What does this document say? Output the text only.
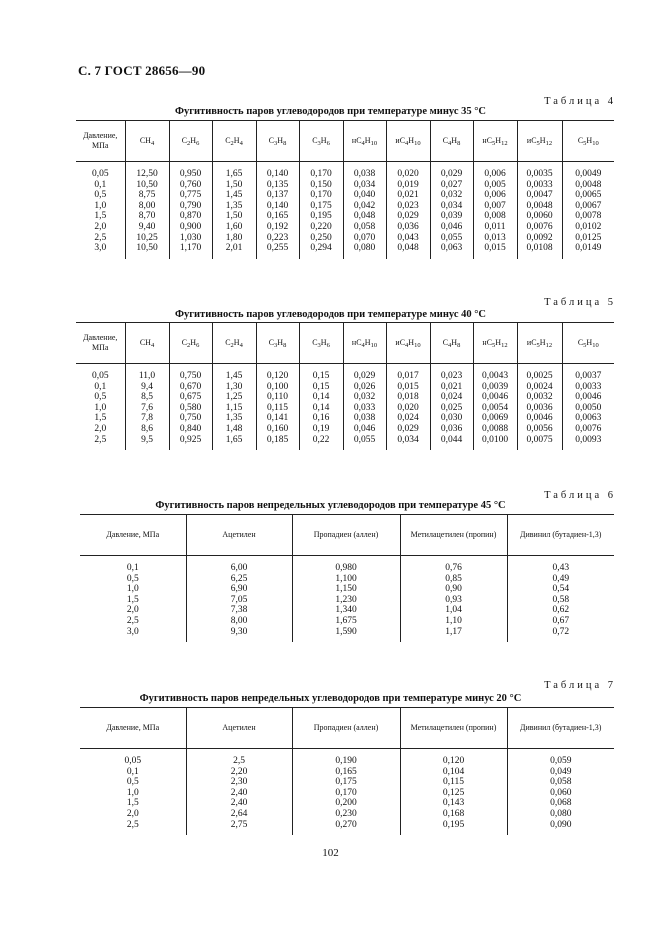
С. 7 ГОСТ 28656—90
Таблица 4
Фугитивность паров углеводородов при температуре минус 35 °C
Давление, МПа	$CH_4$	$C_2H_6$	$C_2H_4$	$C_3H_8$	$C_3H_6$	$нC_4H_{10}$	$иC_4H_{10}$	$C_4H_8$	$нC_5H_{12}$	$иC_5H_{12}$	$C_5H_{10}$

0,05	12,50	0,950	1,65	0,140	0,170	0,038	0,020	0,029	0,006	0,0035	0,0049
0,1	10,50	0,760	1,50	0,135	0,150	0,034	0,019	0,027	0,005	0,0033	0,0048
0,5	8,75	0,775	1,45	0,137	0,170	0,040	0,021	0,032	0,006	0,0047	0,0065
1,0	8,00	0,790	1,35	0,140	0,175	0,042	0,023	0,034	0,007	0,0048	0,0067
1,5	8,70	0,870	1,50	0,165	0,195	0,048	0,029	0,039	0,008	0,0060	0,0078
2,0	9,40	0,900	1,60	0,192	0,220	0,058	0,036	0,046	0,011	0,0076	0,0102
2,5	10,25	1,030	1,80	0,223	0,250	0,070	0,043	0,055	0,013	0,0092	0,0125
3,0	10,50	1,170	2,01	0,255	0,294	0,080	0,048	0,063	0,015	0,0108	0,0149
Таблица 5
Фугитивность паров углеводородов при температуре минус 40 °C
Давление, МПа	$CH_4$	$C_2H_6$	$C_2H_4$	$C_3H_8$	$C_3H_6$	$нC_4H_{10}$	$иC_4H_{10}$	$C_4H_8$	$нC_5H_{12}$	$иC_5H_{12}$	$C_5H_{10}$

0,05	11,0	0,750	1,45	0,120	0,15	0,029	0,017	0,023	0,0043	0,0025	0,0037
0,1	9,4	0,670	1,30	0,100	0,15	0,026	0,015	0,021	0,0039	0,0024	0,0033
0,5	8,5	0,675	1,25	0,110	0,14	0,032	0,018	0,024	0,0046	0,0032	0,0046
1,0	7,6	0,580	1,15	0,115	0,14	0,033	0,020	0,025	0,0054	0,0036	0,0050
1,5	7,8	0,750	1,35	0,141	0,16	0,038	0,024	0,030	0,0069	0,0046	0,0063
2,0	8,6	0,840	1,48	0,160	0,19	0,046	0,029	0,036	0,0088	0,0056	0,0076
2,5	9,5	0,925	1,65	0,185	0,22	0,055	0,034	0,044	0,0100	0,0075	0,0093
Таблица 6
Фугитивность паров непредельных углеводородов при температуре 45 °C
Давление, МПа	Ацетилен	Пропадиен (аллен)	Метилацетилен (пропин)	Дивинил (бутадиен-1,3)

0,1	6,00	0,980	0,76	0,43
0,5	6,25	1,100	0,85	0,49
1,0	6,90	1,150	0,90	0,54
1,5	7,05	1,230	0,93	0,58
2,0	7,38	1,340	1,04	0,62
2,5	8,00	1,675	1,10	0,67
3,0	9,30	1,590	1,17	0,72
Таблица 7
Фугитивность паров непредельных углеводородов при температуре минус 20 °C
Давление, МПа	Ацетилен	Пропадиен (аллен)	Метилацетилен (пропин)	Дивинил (бутадиен-1,3)

0,05	2,5	0,190	0,120	0,059
0,1	2,20	0,165	0,104	0,049
0,5	2,30	0,175	0,115	0,058
1,0	2,40	0,170	0,125	0,060
1,5	2,40	0,200	0,143	0,068
2,0	2,64	0,230	0,168	0,080
2,5	2,75	0,270	0,195	0,090
102
